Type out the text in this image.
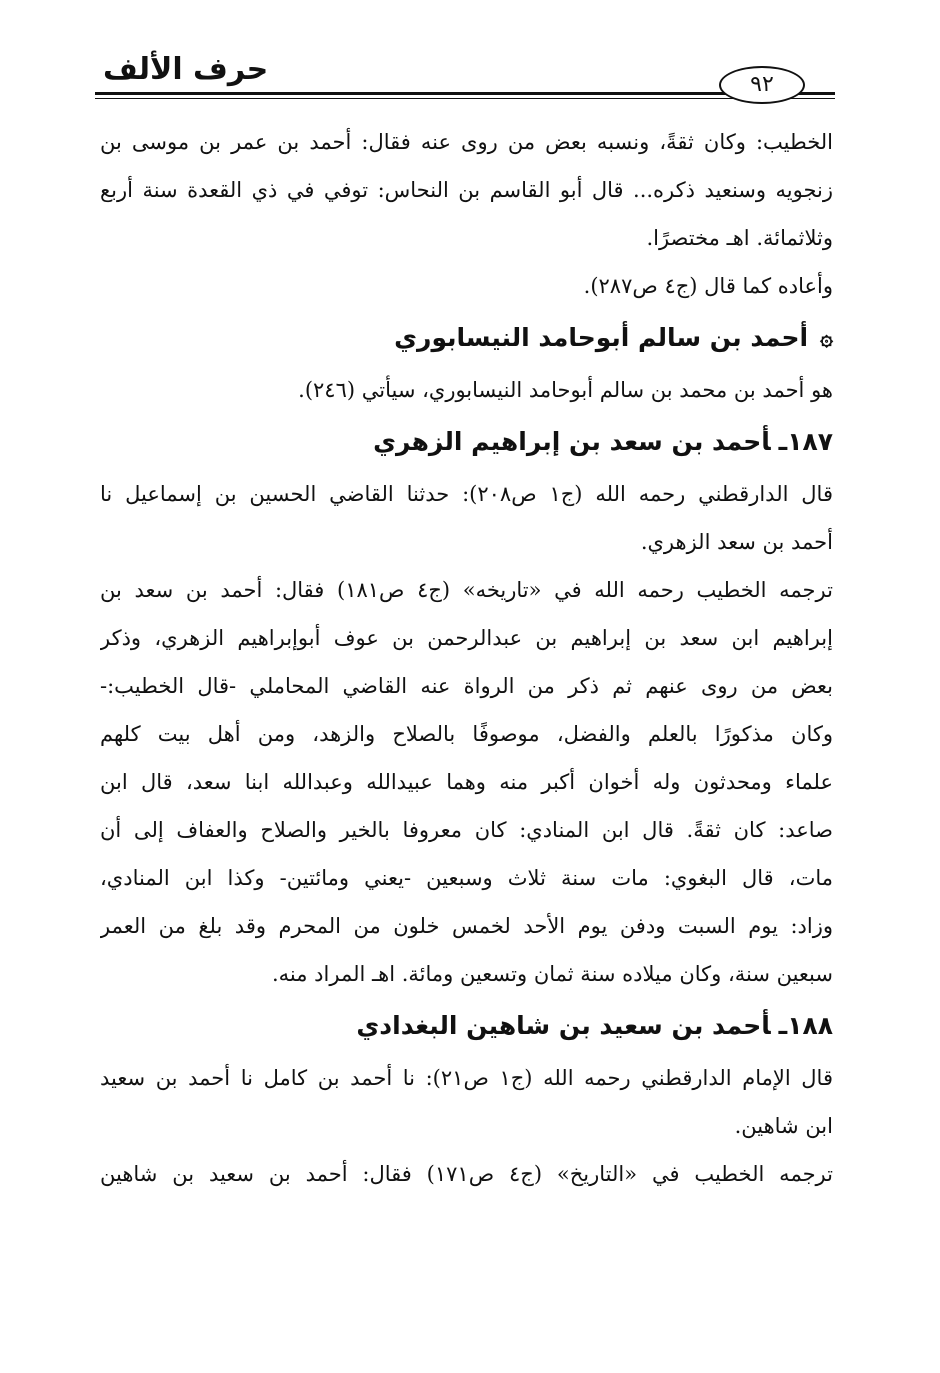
حرف الألف	٩٢
الخطيب: وكان ثقةً، ونسبه بعض من روى عنه فقال: أحمد بن عمر بن موسى بن
زنجويه وسنعيد ذكره... قال أبو القاسم بن النحاس: توفي في ذي القعدة سنة أربع
وثلاثمائة. اهـ مختصرًا.
وأعاده كما قال (ج٤ ص٢٨٧).
۞أحمد بن سالم أبوحامد النيسابوري
هو أحمد بن محمد بن سالم أبوحامد النيسابوري، سيأتي (٢٤٦).
١٨٧ـأحمد بن سعد بن إبراهيم الزهري
قال الدارقطني رحمه الله (ج١ ص٢٠٨): حدثنا القاضي الحسين بن إسماعيل نا
أحمد بن سعد الزهري.
ترجمه الخطيب رحمه الله في «تاريخه» (ج٤ ص١٨١) فقال: أحمد بن سعد بن
إبراهيم ابن سعد بن إبراهيم بن عبدالرحمن بن عوف أبوإبراهيم الزهري، وذكر
بعض من روى عنهم ثم ذكر من الرواة عنه القاضي المحاملي -قال الخطيب:-
وكان مذكورًا بالعلم والفضل، موصوفًا بالصلاح والزهد، ومن أهل بيت كلهم
علماء ومحدثون وله أخوان أكبر منه وهما عبيدالله وعبدالله ابنا سعد، قال ابن
صاعد: كان ثقةً. قال ابن المنادي: كان معروفا بالخير والصلاح والعفاف إلى أن
مات، قال البغوي: مات سنة ثلاث وسبعين -يعني ومائتين- وكذا ابن المنادي،
وزاد: يوم السبت ودفن يوم الأحد لخمس خلون من المحرم وقد بلغ من العمر
سبعين سنة، وكان ميلاده سنة ثمان وتسعين ومائة. اهـ المراد منه.
١٨٨ـأحمد بن سعيد بن شاهين البغدادي
قال الإمام الدارقطني رحمه الله (ج١ ص٢١): نا أحمد بن كامل نا أحمد بن سعيد
ابن شاهين.
ترجمه الخطيب في «التاريخ» (ج٤ ص١٧١) فقال: أحمد بن سعيد بن شاهين
